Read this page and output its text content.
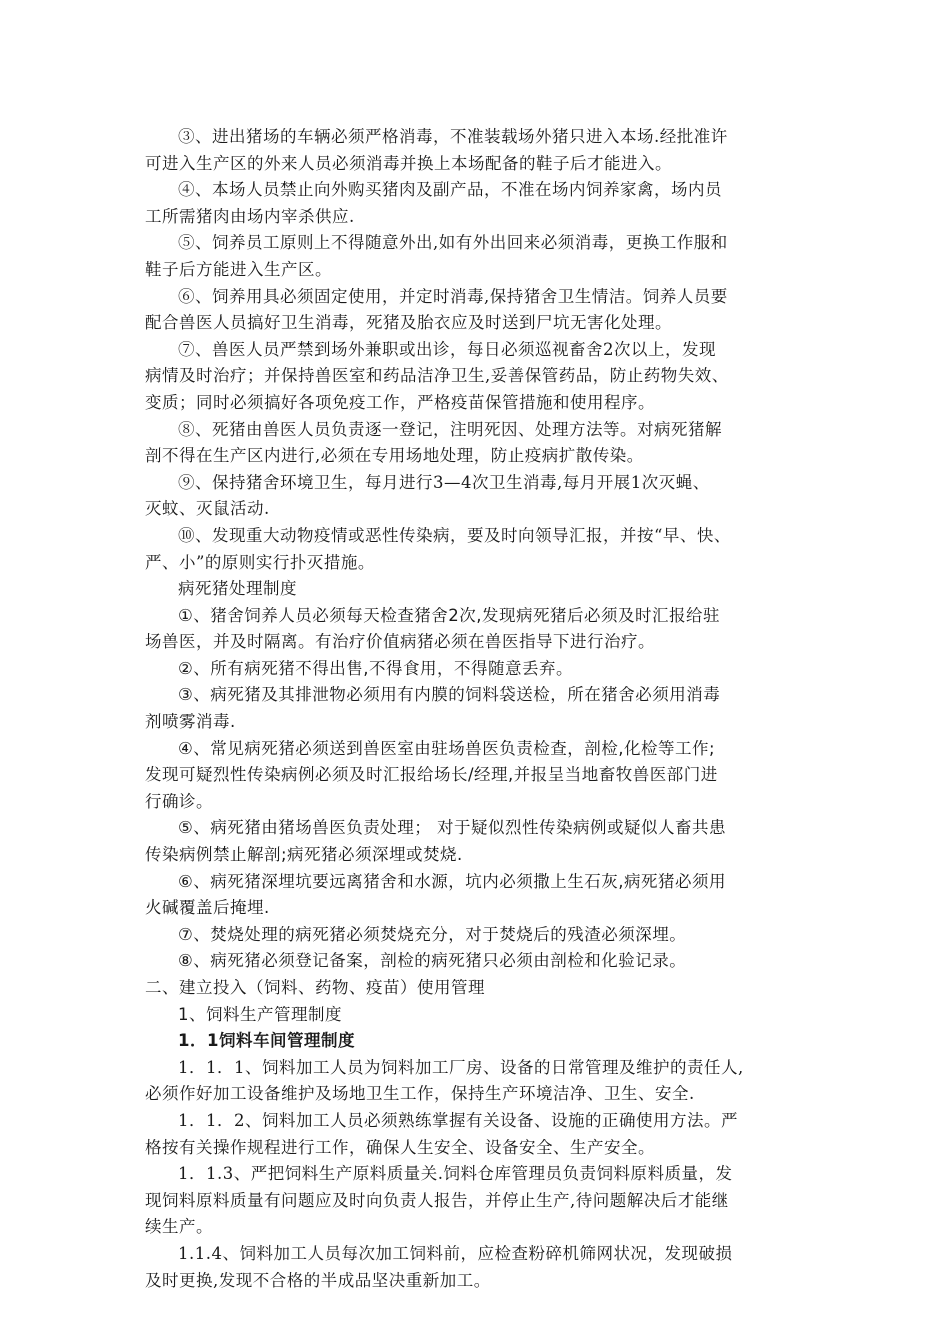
③、进出猪场的车辆必须严格消毒，不准装载场外猪只进入本场.经批准许
可进入生产区的外来人员必须消毒并换上本场配备的鞋子后才能进入。
④、本场人员禁止向外购买猪肉及副产品，不准在场内饲养家禽，场内员
工所需猪肉由场内宰杀供应.
⑤、饲养员工原则上不得随意外出,如有外出回来必须消毒，更换工作服和
鞋子后方能进入生产区。
⑥、饲养用具必须固定使用，并定时消毒,保持猪舍卫生情洁。饲养人员要
配合兽医人员搞好卫生消毒，死猪及胎衣应及时送到尸坑无害化处理。
⑦、兽医人员严禁到场外兼职或出诊，每日必须巡视畜舍2次以上，发现
病情及时治疗；并保持兽医室和药品洁净卫生,妥善保管药品，防止药物失效、
变质；同时必须搞好各项免疫工作，严格疫苗保管措施和使用程序。
⑧、死猪由兽医人员负责逐一登记，注明死因、处理方法等。对病死猪解
剖不得在生产区内进行,必须在专用场地处理，防止疫病扩散传染。
⑨、保持猪舍环境卫生，每月进行3—4次卫生消毒,每月开展1次灭蝇、
灭蚊、灭鼠活动.
⑩、发现重大动物疫情或恶性传染病，要及时向领导汇报，并按“早、快、
严、小”的原则实行扑灭措施。
病死猪处理制度
①、猪舍饲养人员必须每天检查猪舍2次,发现病死猪后必须及时汇报给驻
场兽医，并及时隔离。有治疗价值病猪必须在兽医指导下进行治疗。
②、所有病死猪不得出售,不得食用，不得随意丢弃。
③、病死猪及其排泄物必须用有内膜的饲料袋送检，所在猪舍必须用消毒
剂喷雾消毒.
④、常见病死猪必须送到兽医室由驻场兽医负责检查，剖检,化检等工作;
发现可疑烈性传染病例必须及时汇报给场长/经理,并报呈当地畜牧兽医部门进
行确诊。
⑤、病死猪由猪场兽医负责处理； 对于疑似烈性传染病例或疑似人畜共患
传染病例禁止解剖;病死猪必须深埋或焚烧.
⑥、病死猪深埋坑要远离猪舍和水源，坑内必须撒上生石灰,病死猪必须用
火碱覆盖后掩埋.
⑦、焚烧处理的病死猪必须焚烧充分，对于焚烧后的残渣必须深埋。
⑧、病死猪必须登记备案，剖检的病死猪只必须由剖检和化验记录。
二、建立投入（饲料、药物、疫苗）使用管理
1、饲料生产管理制度
1．1饲料车间管理制度
1．1．1、饲料加工人员为饲料加工厂房、设备的日常管理及维护的责任人,
必须作好加工设备维护及场地卫生工作，保持生产环境洁净、卫生、安全.
1．1．2、饲料加工人员必须熟练掌握有关设备、设施的正确使用方法。严
格按有关操作规程进行工作，确保人生安全、设备安全、生产安全。
1．1.3、严把饲料生产原料质量关.饲料仓库管理员负责饲料原料质量，发
现饲料原料质量有问题应及时向负责人报告，并停止生产,待问题解决后才能继
续生产。
1.1.4、饲料加工人员每次加工饲料前，应检查粉碎机筛网状况，发现破损
及时更换,发现不合格的半成品坚决重新加工。
